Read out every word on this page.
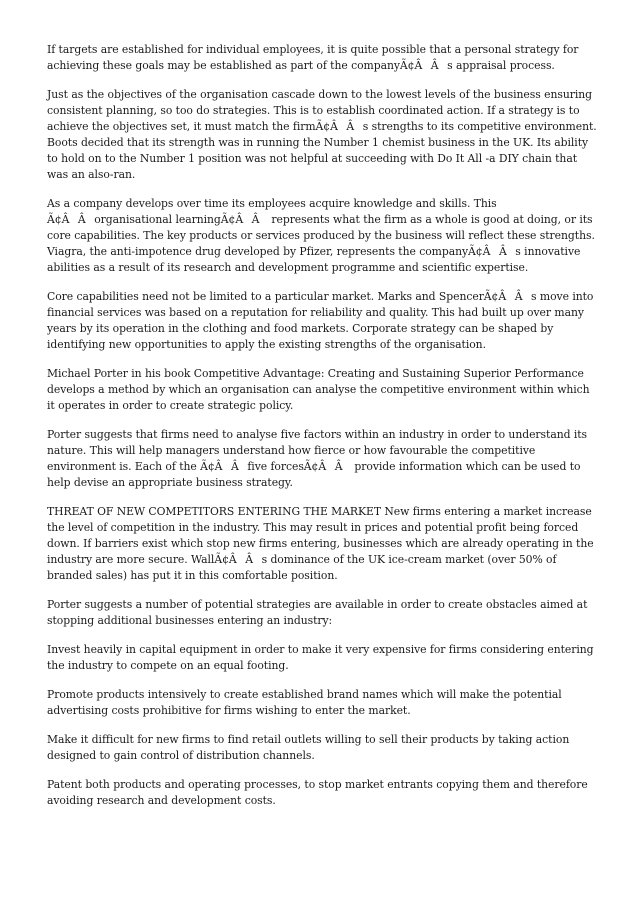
If targets are established for individual employees, it is quite possible that a personal strategy for achieving these goals may be established as part of the companyÃ¢ÂÂs appraisal process.

Just as the objectives of the organisation cascade down to the lowest levels of the business ensuring consistent planning, so too do strategies. This is to establish coordinated action. If a strategy is to achieve the objectives set, it must match the firmÃ¢ÂÂs strengths to its competitive environment. Boots decided that its strength was in running the Number 1 chemist business in the UK. Its ability to hold on to the Number 1 position was not helpful at succeeding with Do It All -a DIY chain that was an also-ran.

As a company develops over time its employees acquire knowledge and skills. This Ã¢ÂÂorganisational learningÃ¢ÂÂ represents what the firm as a whole is good at doing, or its core capabilities. The key products or services produced by the business will reflect these strengths. Viagra, the anti-impotence drug developed by Pfizer, represents the companyÃ¢ÂÂs innovative abilities as a result of its research and development programme and scientific expertise.

Core capabilities need not be limited to a particular market. Marks and SpencerÃ¢ÂÂs move into financial services was based on a reputation for reliability and quality. This had built up over many years by its operation in the clothing and food markets. Corporate strategy can be shaped by identifying new opportunities to apply the existing strengths of the organisation.

Michael Porter in his book Competitive Advantage: Creating and Sustaining Superior Performance develops a method by which an organisation can analyse the competitive environment within which it operates in order to create strategic policy.

Porter suggests that firms need to analyse five factors within an industry in order to understand its nature. This will help managers understand how fierce or how favourable the competitive environment is. Each of the Ã¢ÂÂfive forcesÃ¢ÂÂ provide information which can be used to help devise an appropriate business strategy.

THREAT OF NEW COMPETITORS ENTERING THE MARKET New firms entering a market increase the level of competition in the industry. This may result in prices and potential profit being forced down. If barriers exist which stop new firms entering, businesses which are already operating in the industry are more secure. WallÃ¢ÂÂs dominance of the UK ice-cream market (over 50% of branded sales) has put it in this comfortable position.

Porter suggests a number of potential strategies are available in order to create obstacles aimed at stopping additional businesses entering an industry:

Invest heavily in capital equipment in order to make it very expensive for firms considering entering the industry to compete on an equal footing.

Promote products intensively to create established brand names which will make the potential advertising costs prohibitive for firms wishing to enter the market.

Make it difficult for new firms to find retail outlets willing to sell their products by taking action designed to gain control of distribution channels.

Patent both products and operating processes, to stop market entrants copying them and therefore avoiding research and development costs.
